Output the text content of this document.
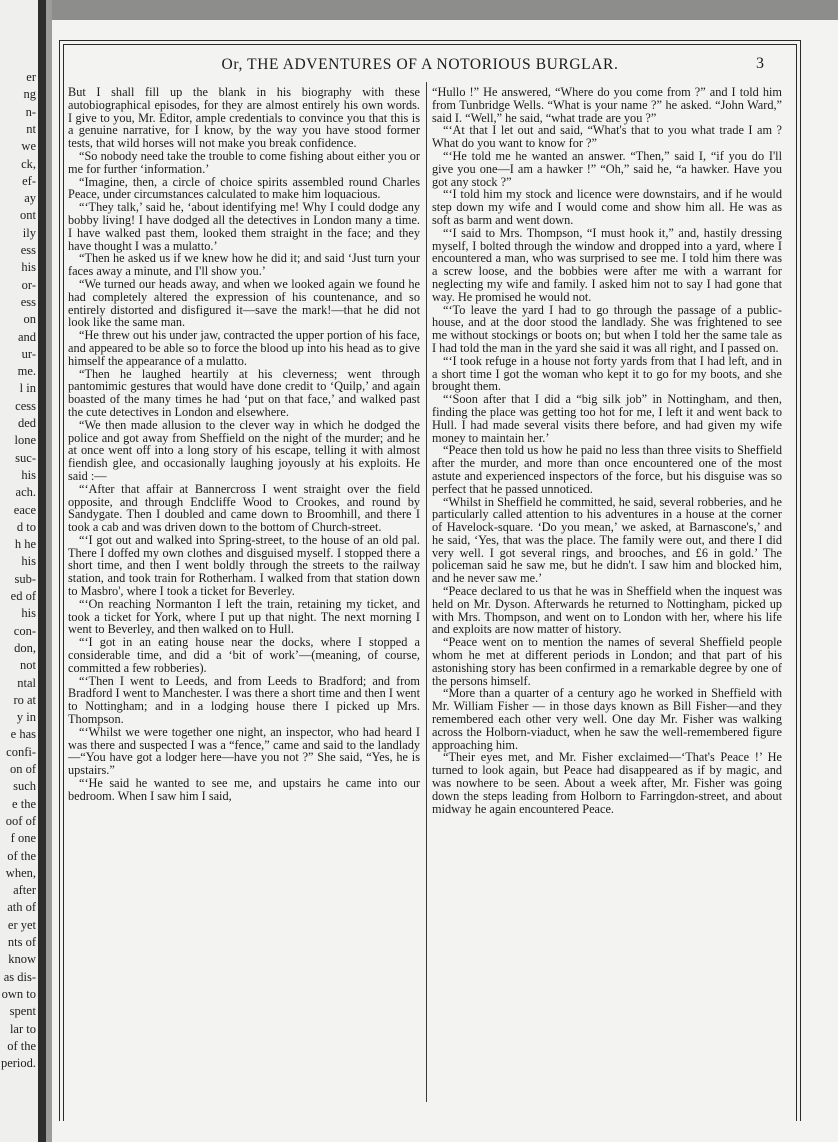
er
ng
n-
nt
we
ck,
ef-
ay
ont
ily
ess
his
or-
ess
on
and
ur-
me.
l in
cess
ded
lone
suc-
his
ach.
eace
d to
h he
his
sub-
ed of
his
con-
don,
not
ntal
ro at
y in
e has
confi-
on of
such
e the
oof of
f one
of the
when,
after
ath of
er yet
nts of
know
as dis-
own to
spent
lar to
of the
period.
Or, THE ADVENTURES OF A NOTORIOUS BURGLAR.	3

But I shall fill up the blank in his biography with these autobiographical episodes, for they are almost entirely his own words. I give to you, Mr. Editor, ample credentials to convince you that this is a genuine narrative, for I know, by the way you have stood former tests, that wild horses will not make you break confidence.

“So nobody need take the trouble to come fishing about either you or me for further ‘information.’

“Imagine, then, a circle of choice spirits assembled round Charles Peace, under circumstances calculated to make him loquacious.

“‘They talk,’ said he, ‘about identifying me! Why I could dodge any bobby living! I have dodged all the detectives in London many a time. I have walked past them, looked them straight in the face; and they have thought I was a mulatto.’

“Then he asked us if we knew how he did it; and said ‘Just turn your faces away a minute, and I'll show you.’

“We turned our heads away, and when we looked again we found he had completely altered the expression of his countenance, and so entirely distorted and disfigured it—save the mark!—that he did not look like the same man.

“He threw out his under jaw, contracted the upper portion of his face, and appeared to be able so to force the blood up into his head as to give himself the appearance of a mulatto.

“Then he laughed heartily at his cleverness; went through pantomimic gestures that would have done credit to ‘Quilp,’ and again boasted of the many times he had ‘put on that face,’ and walked past the cute detectives in London and elsewhere.

“We then made allusion to the clever way in which he dodged the police and got away from Sheffield on the night of the murder; and he at once went off into a long story of his escape, telling it with almost fiendish glee, and occasionally laughing joyously at his exploits. He said :—

“‘After that affair at Bannercross I went straight over the field opposite, and through Endcliffe Wood to Crookes, and round by Sandygate. Then I doubled and came down to Broomhill, and there I took a cab and was driven down to the bottom of Church-street.

“‘I got out and walked into Spring-street, to the house of an old pal. There I doffed my own clothes and disguised myself. I stopped there a short time, and then I went boldly through the streets to the railway station, and took train for Rotherham. I walked from that station down to Masbro', where I took a ticket for Beverley.

“‘On reaching Normanton I left the train, retaining my ticket, and took a ticket for York, where I put up that night. The next morning I went to Beverley, and then walked on to Hull.

“‘I got in an eating house near the docks, where I stopped a considerable time, and did a ‘bit of work’—(meaning, of course, committed a few robberies).

“‘Then I went to Leeds, and from Leeds to Bradford; and from Bradford I went to Manchester. I was there a short time and then I went to Nottingham; and in a lodging house there I picked up Mrs. Thompson.

“‘Whilst we were together one night, an inspector, who had heard I was there and suspected I was a “fence,” came and said to the landlady—“You have got a lodger here—have you not ?” She said, “Yes, he is upstairs.”

“‘He said he wanted to see me, and upstairs he came into our bedroom. When I saw him I said,

“Hullo !” He answered, “Where do you come from ?” and I told him from Tunbridge Wells. “What is your name ?” he asked. “John Ward,” said I. “Well,” he said, “what trade are you ?”

“‘At that I let out and said, “What's that to you what trade I am ? What do you want to know for ?”

“‘He told me he wanted an answer. “Then,” said I, “if you do I'll give you one—I am a hawker !” “Oh,” said he, “a hawker. Have you got any stock ?”

“‘I told him my stock and licence were downstairs, and if he would step down my wife and I would come and show him all. He was as soft as barm and went down.

“‘I said to Mrs. Thompson, “I must hook it,” and, hastily dressing myself, I bolted through the window and dropped into a yard, where I encountered a man, who was surprised to see me. I told him there was a screw loose, and the bobbies were after me with a warrant for neglecting my wife and family. I asked him not to say I had gone that way. He promised he would not.

“‘To leave the yard I had to go through the passage of a public-house, and at the door stood the landlady. She was frightened to see me without stockings or boots on; but when I told her the same tale as I had told the man in the yard she said it was all right, and I passed on.

“‘I took refuge in a house not forty yards from that I had left, and in a short time I got the woman who kept it to go for my boots, and she brought them.

“‘Soon after that I did a “big silk job” in Nottingham, and then, finding the place was getting too hot for me, I left it and went back to Hull. I had made several visits there before, and had given my wife money to maintain her.’

“Peace then told us how he paid no less than three visits to Sheffield after the murder, and more than once encountered one of the most astute and experienced inspectors of the force, but his disguise was so perfect that he passed unnoticed.

“Whilst in Sheffield he committed, he said, several robberies, and he particularly called attention to his adventures in a house at the corner of Havelock-square. ‘Do you mean,’ we asked, at Barnascone's,’ and he said, ‘Yes, that was the place. The family were out, and there I did very well. I got several rings, and brooches, and £6 in gold.’ The policeman said he saw me, but he didn't. I saw him and blocked him, and he never saw me.’

“Peace declared to us that he was in Sheffield when the inquest was held on Mr. Dyson. Afterwards he returned to Nottingham, picked up with Mrs. Thompson, and went on to London with her, where his life and exploits are now matter of history.

“Peace went on to mention the names of several Sheffield people whom he met at different periods in London; and that part of his astonishing story has been confirmed in a remarkable degree by one of the persons himself.

“More than a quarter of a century ago he worked in Sheffield with Mr. William Fisher — in those days known as Bill Fisher—and they remembered each other very well. One day Mr. Fisher was walking across the Holborn-viaduct, when he saw the well-remembered figure approaching him.

“Their eyes met, and Mr. Fisher exclaimed—‘That's Peace !’ He turned to look again, but Peace had disappeared as if by magic, and was nowhere to be seen. About a week after, Mr. Fisher was going down the steps leading from Holborn to Farringdon-street, and about midway he again encountered Peace.
